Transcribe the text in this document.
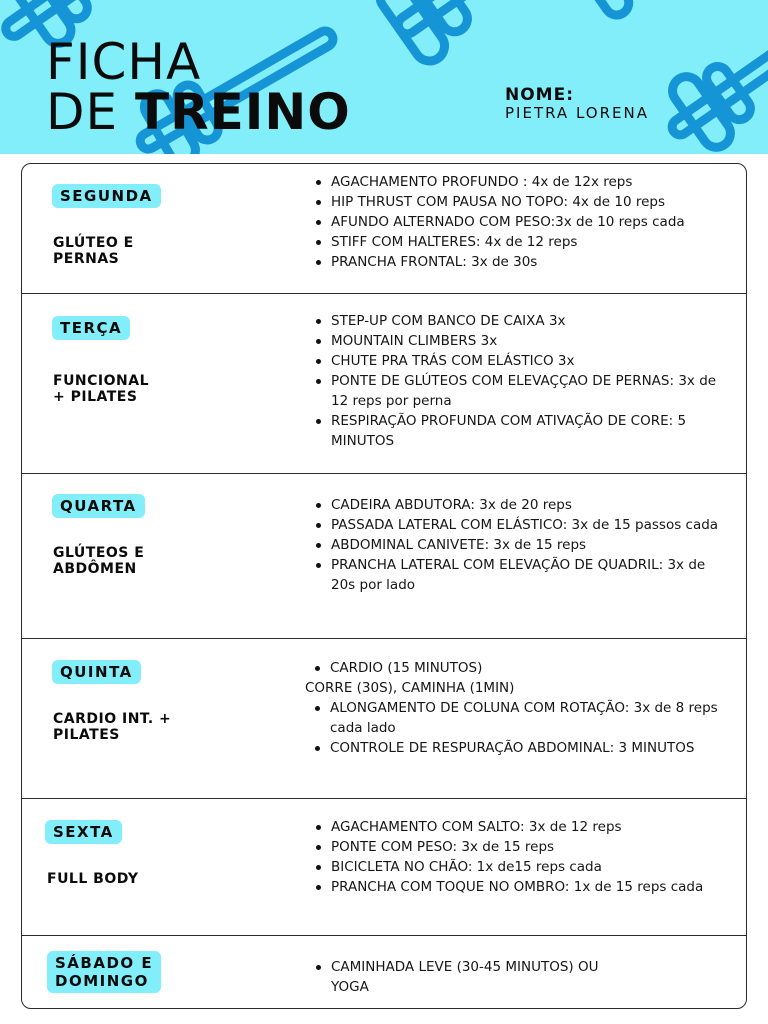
FICHA
DE TREINO	NOME:
PIETRA LORENA
SEGUNDA
GLÚTEO E
PERNAS
AGACHAMENTO PROFUNDO : 4x de 12x reps
HIP THRUST COM PAUSA NO TOPO: 4x de 10 reps
AFUNDO ALTERNADO COM PESO:3x de 10 reps cada
STIFF COM HALTERES: 4x de 12 reps
PRANCHA FRONTAL: 3x de 30s
TERÇA
FUNCIONAL
+ PILATES
STEP-UP COM BANCO DE CAIXA 3x
MOUNTAIN CLIMBERS 3x
CHUTE PRA TRÁS COM ELÁSTICO 3x
PONTE DE GLÚTEOS COM ELEVAÇÇAO DE PERNAS: 3x de 12 reps por perna
RESPIRAÇÃO PROFUNDA COM ATIVAÇÃO DE CORE: 5 MINUTOS
QUARTA
GLÚTEOS E
ABDÔMEN
CADEIRA ABDUTORA: 3x de 20 reps
PASSADA LATERAL COM ELÁSTICO: 3x de 15 passos cada
ABDOMINAL CANIVETE: 3x de 15 reps
PRANCHA LATERAL COM ELEVAÇÃO DE QUADRIL: 3x de 20s por lado
QUINTA
CARDIO INT. +
PILATES
CARDIO (15 MINUTOS)
CORRE (30S), CAMINHA (1MIN)
ALONGAMENTO DE COLUNA COM ROTAÇÃO: 3x de 8 reps cada lado
CONTROLE DE RESPURAÇÃO ABDOMINAL: 3 MINUTOS
SEXTA
FULL BODY
AGACHAMENTO COM SALTO: 3x de 12 reps
PONTE COM PESO: 3x de 15 reps
BICICLETA NO CHÃO: 1x de15 reps cada
PRANCHA COM TOQUE NO OMBRO: 1x de 15 reps cada
SÁBADO E
DOMINGO
CAMINHADA LEVE (30-45 MINUTOS) OU YOGA
